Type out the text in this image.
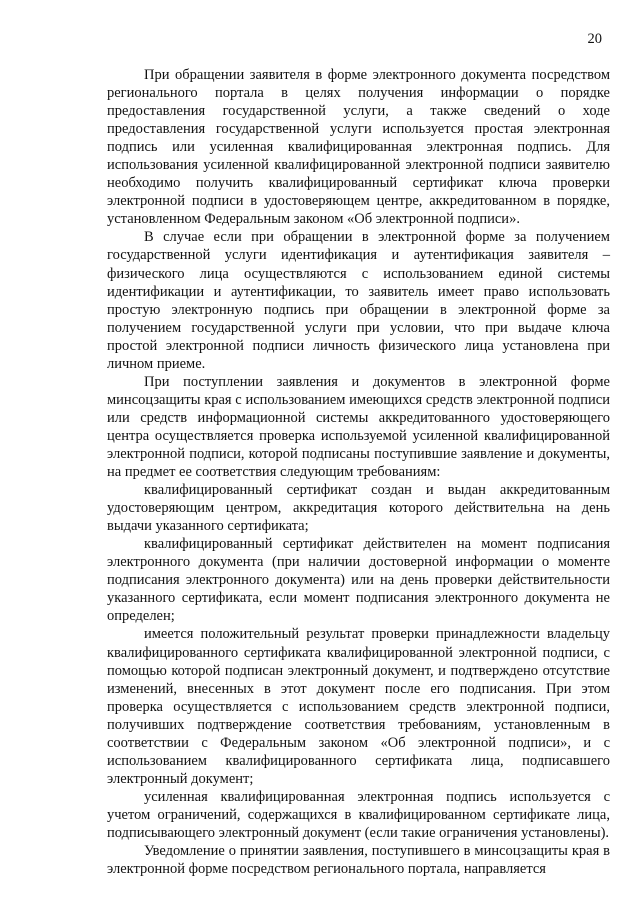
20

При обращении заявителя в форме электронного документа посредством регионального портала в целях получения информации о порядке предоставления государственной услуги, а также сведений о ходе предоставления государственной услуги используется простая электронная подпись или усиленная квалифицированная электронная подпись. Для использования усиленной квалифицированной электронной подписи заявителю необходимо получить квалифицированный сертификат ключа проверки электронной подписи в удостоверяющем центре, аккредитованном в порядке, установленном Федеральным законом «Об электронной подписи».

В случае если при обращении в электронной форме за получением государственной услуги идентификация и аутентификация заявителя – физического лица осуществляются с использованием единой системы идентификации и аутентификации, то заявитель имеет право использовать простую электронную подпись при обращении в электронной форме за получением государственной услуги при условии, что при выдаче ключа простой электронной подписи личность физического лица установлена при личном приеме.

При поступлении заявления и документов в электронной форме минсоцзащиты края с использованием имеющихся средств электронной подписи или средств информационной системы аккредитованного удостоверяющего центра осуществляется проверка используемой усиленной квалифицированной электронной подписи, которой подписаны поступившие заявление и документы, на предмет ее соответствия следующим требованиям:

квалифицированный сертификат создан и выдан аккредитованным удостоверяющим центром, аккредитация которого действительна на день выдачи указанного сертификата;

квалифицированный сертификат действителен на момент подписания электронного документа (при наличии достоверной информации о моменте подписания электронного документа) или на день проверки действительности указанного сертификата, если момент подписания электронного документа не определен;

имеется положительный результат проверки принадлежности владельцу квалифицированного сертификата квалифицированной электронной подписи, с помощью которой подписан электронный документ, и подтверждено отсутствие изменений, внесенных в этот документ после его подписания. При этом проверка осуществляется с использованием средств электронной подписи, получивших подтверждение соответствия требованиям, установленным в соответствии с Федеральным законом «Об электронной подписи», и с использованием квалифицированного сертификата лица, подписавшего электронный документ;

усиленная квалифицированная электронная подпись используется с учетом ограничений, содержащихся в квалифицированном сертификате лица, подписывающего электронный документ (если такие ограничения установлены).

Уведомление о принятии заявления, поступившего в минсоцзащиты края в электронной форме посредством регионального портала, направляется
